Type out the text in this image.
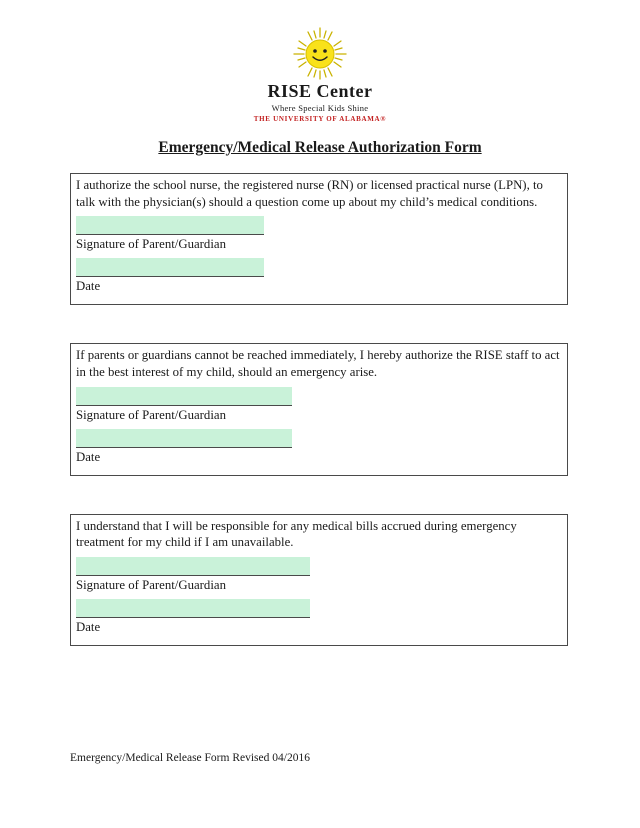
RISE Center
Where Special Kids Shine
THE UNIVERSITY OF ALABAMA®
Emergency/Medical Release Authorization Form

I authorize the school nurse, the registered nurse (RN) or licensed practical nurse (LPN), to talk with the physician(s) should a question come up about my child’s medical conditions.

Signature of Parent/Guardian
Date

If parents or guardians cannot be reached immediately, I hereby authorize the RISE staff to act in the best interest of my child, should an emergency arise.

Signature of Parent/Guardian
Date

I understand that I will be responsible for any medical bills accrued during emergency treatment for my child if I am unavailable.

Signature of Parent/Guardian
Date
Emergency/Medical Release Form Revised 04/2016
